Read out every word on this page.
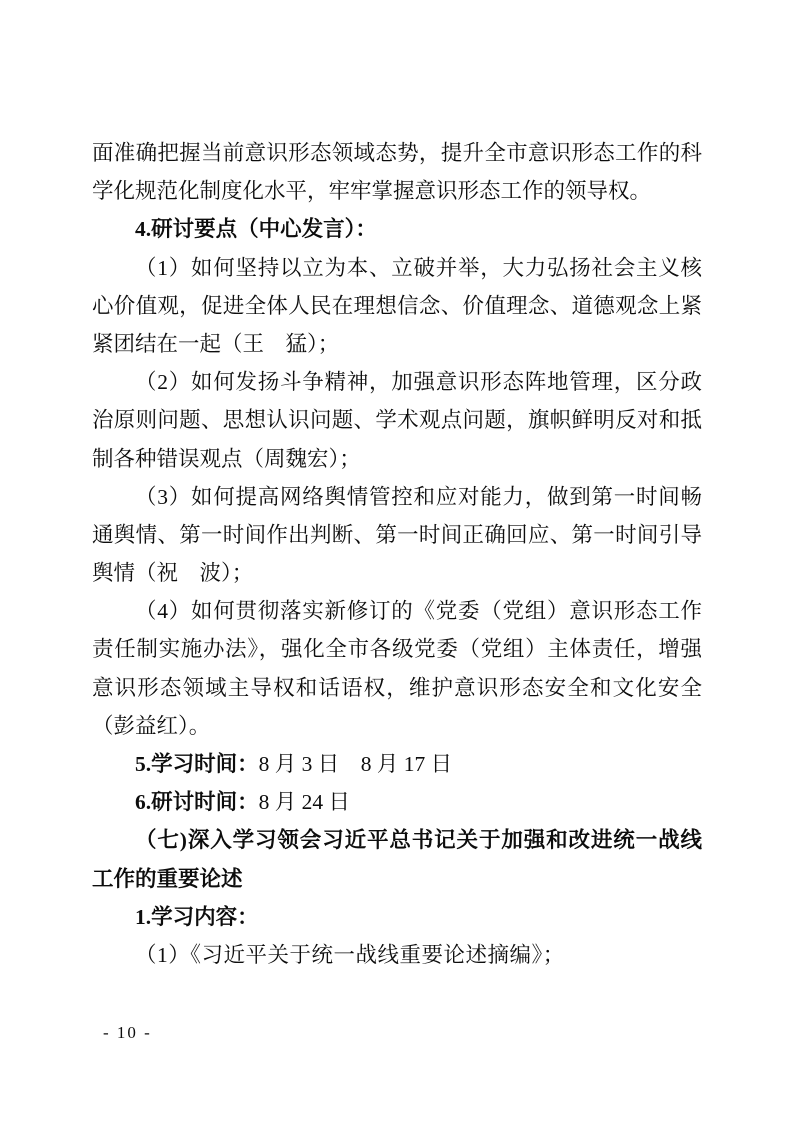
面准确把握当前意识形态领域态势，提升全市意识形态工作的科
学化规范化制度化水平，牢牢掌握意识形态工作的领导权。
4.研讨要点（中心发言）：
（1）如何坚持以立为本、立破并举，大力弘扬社会主义核
心价值观，促进全体人民在理想信念、价值理念、道德观念上紧
紧团结在一起（王　猛）；
（2）如何发扬斗争精神，加强意识形态阵地管理，区分政
治原则问题、思想认识问题、学术观点问题，旗帜鲜明反对和抵
制各种错误观点（周魏宏）；
（3）如何提高网络舆情管控和应对能力，做到第一时间畅
通舆情、第一时间作出判断、第一时间正确回应、第一时间引导
舆情（祝　波）；
（4）如何贯彻落实新修订的《党委（党组）意识形态工作
责任制实施办法》，强化全市各级党委（党组）主体责任，增强
意识形态领域主导权和话语权，维护意识形态安全和文化安全
（彭益红）。
5.学习时间：8 月 3 日　8 月 17 日
6.研讨时间：8 月 24 日
（七)深入学习领会习近平总书记关于加强和改进统一战线
工作的重要论述
1.学习内容：
（1）《习近平关于统一战线重要论述摘编》；
- 10 -
